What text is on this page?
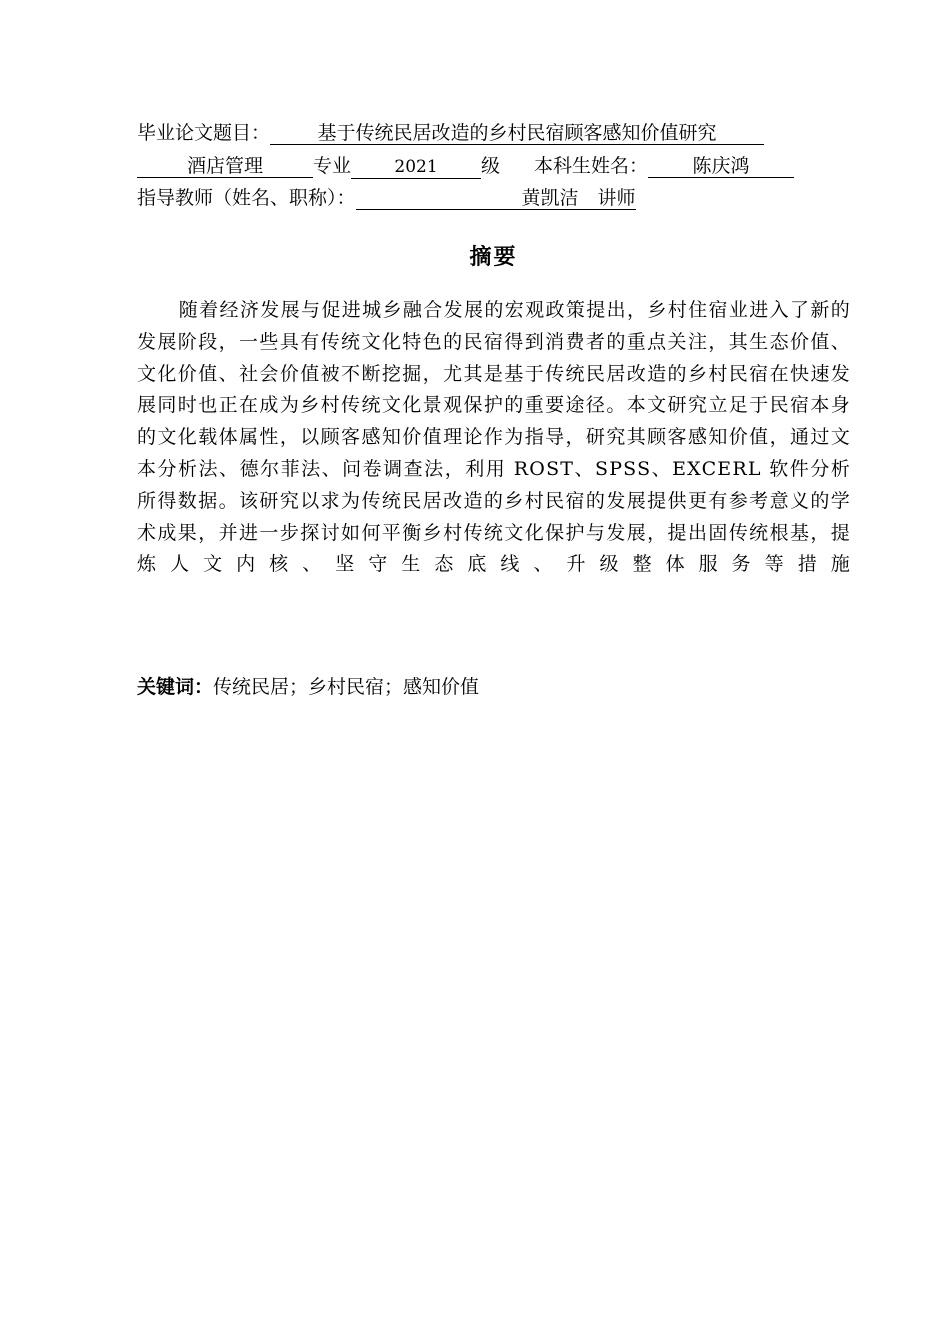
毕业论文题目： 基于传统民居改造的乡村民宿顾客感知价值研究
酒店管理	专业	2021 级 本科生姓名： 陈庆鸿
指导教师（姓名、职称）：	黄凯洁　讲师
摘要
随着经济发展与促进城乡融合发展的宏观政策提出，乡村住宿业进入了新的发展阶段，一些具有传统文化特色的民宿得到消费者的重点关注，其生态价值、文化价值、社会价值被不断挖掘，尤其是基于传统民居改造的乡村民宿在快速发展同时也正在成为乡村传统文化景观保护的重要途径。本文研究立足于民宿本身的文化载体属性，以顾客感知价值理论作为指导，研究其顾客感知价值，通过文本分析法、德尔菲法、问卷调查法，利用 ROST、SPSS、EXCERL 软件分析所得数据。该研究以求为传统民居改造的乡村民宿的发展提供更有参考意义的学术成果，并进一步探讨如何平衡乡村传统文化保护与发展，提出固传统根基，提炼人文内核、坚守生态底线、升级整体服务等措施
关键词：传统民居；乡村民宿；感知价值
